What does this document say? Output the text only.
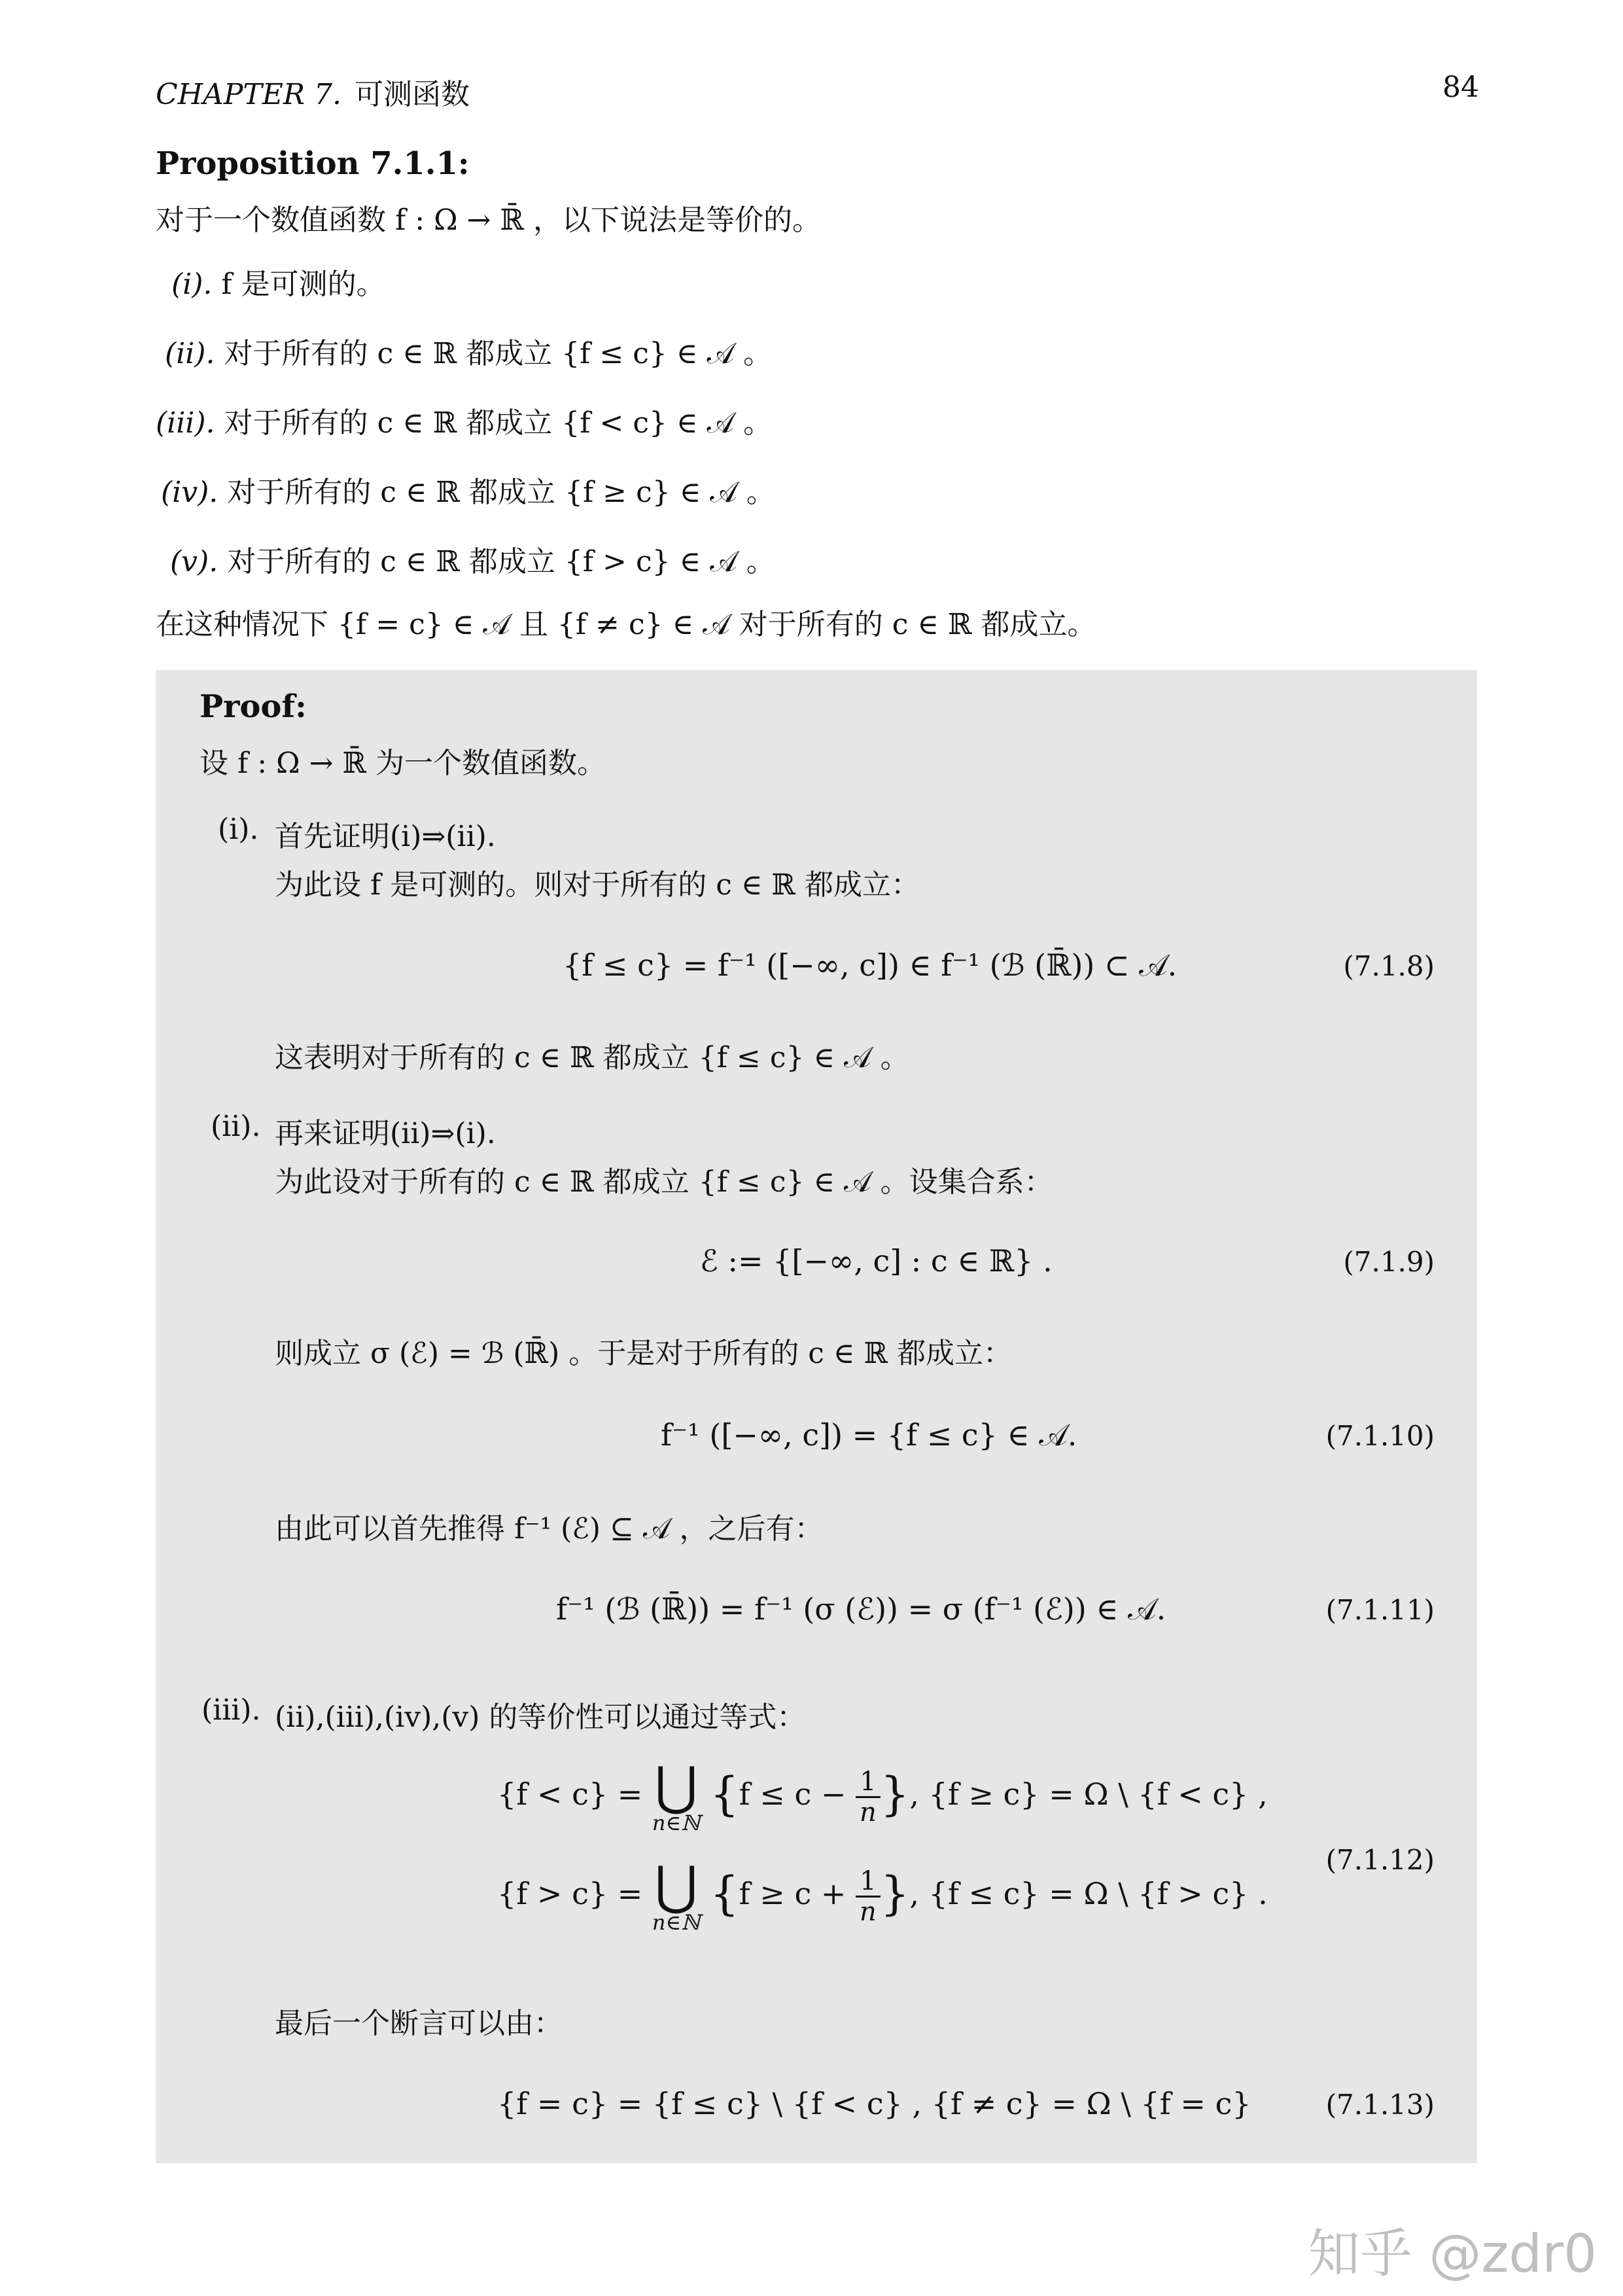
CHAPTER 7. 可测函数	84
Proposition 7.1.1:
对于一个数值函数 f : Ω → ℝ̄ ，以下说法是等价的。
(i). f 是可测的。
(ii). 对于所有的 c ∈ ℝ 都成立 {f ≤ c} ∈ 𝒜 。
(iii). 对于所有的 c ∈ ℝ 都成立 {f < c} ∈ 𝒜 。
(iv). 对于所有的 c ∈ ℝ 都成立 {f ≥ c} ∈ 𝒜 。
(v). 对于所有的 c ∈ ℝ 都成立 {f > c} ∈ 𝒜 。
在这种情况下 {f = c} ∈ 𝒜 且 {f ≠ c} ∈ 𝒜 对于所有的 c ∈ ℝ 都成立。
Proof:
设 f : Ω → ℝ̄ 为一个数值函数。
(i). 首先证明(i)⇒(ii).
为此设 f 是可测的。则对于所有的 c ∈ ℝ 都成立：
{f ≤ c} = f⁻¹ ([−∞, c]) ∈ f⁻¹ (ℬ (ℝ̄)) ⊂ 𝒜.	(7.1.8)
这表明对于所有的 c ∈ ℝ 都成立 {f ≤ c} ∈ 𝒜 。
(ii). 再来证明(ii)⇒(i).
为此设对于所有的 c ∈ ℝ 都成立 {f ≤ c} ∈ 𝒜 。设集合系：
ℰ := {[−∞, c] : c ∈ ℝ} .	(7.1.9)
则成立 σ (ℰ) = ℬ (ℝ̄) 。于是对于所有的 c ∈ ℝ 都成立：
f⁻¹ ([−∞, c]) = {f ≤ c} ∈ 𝒜.	(7.1.10)
由此可以首先推得 f⁻¹ (ℰ) ⊆ 𝒜 ，之后有：
f⁻¹ (ℬ (ℝ̄)) = f⁻¹ (σ (ℰ)) = σ (f⁻¹ (ℰ)) ∈ 𝒜.	(7.1.11)
(iii). (ii),(iii),(iv),(v) 的等价性可以通过等式：
{f < c} = ⋃
n∈ℕ
{$f \le c - \frac{1}{n}$ }, {f ≥ c} = Ω \ {f < c} ,
(7.1.12)
{f > c} = ⋃
n∈ℕ
{$f \ge c + \frac{1}{n}$ }, {f ≤ c} = Ω \ {f > c} .
最后一个断言可以由：
{f = c} = {f ≤ c} \ {f < c} , {f ≠ c} = Ω \ {f = c}	(7.1.13)
知乎 @zdr0
